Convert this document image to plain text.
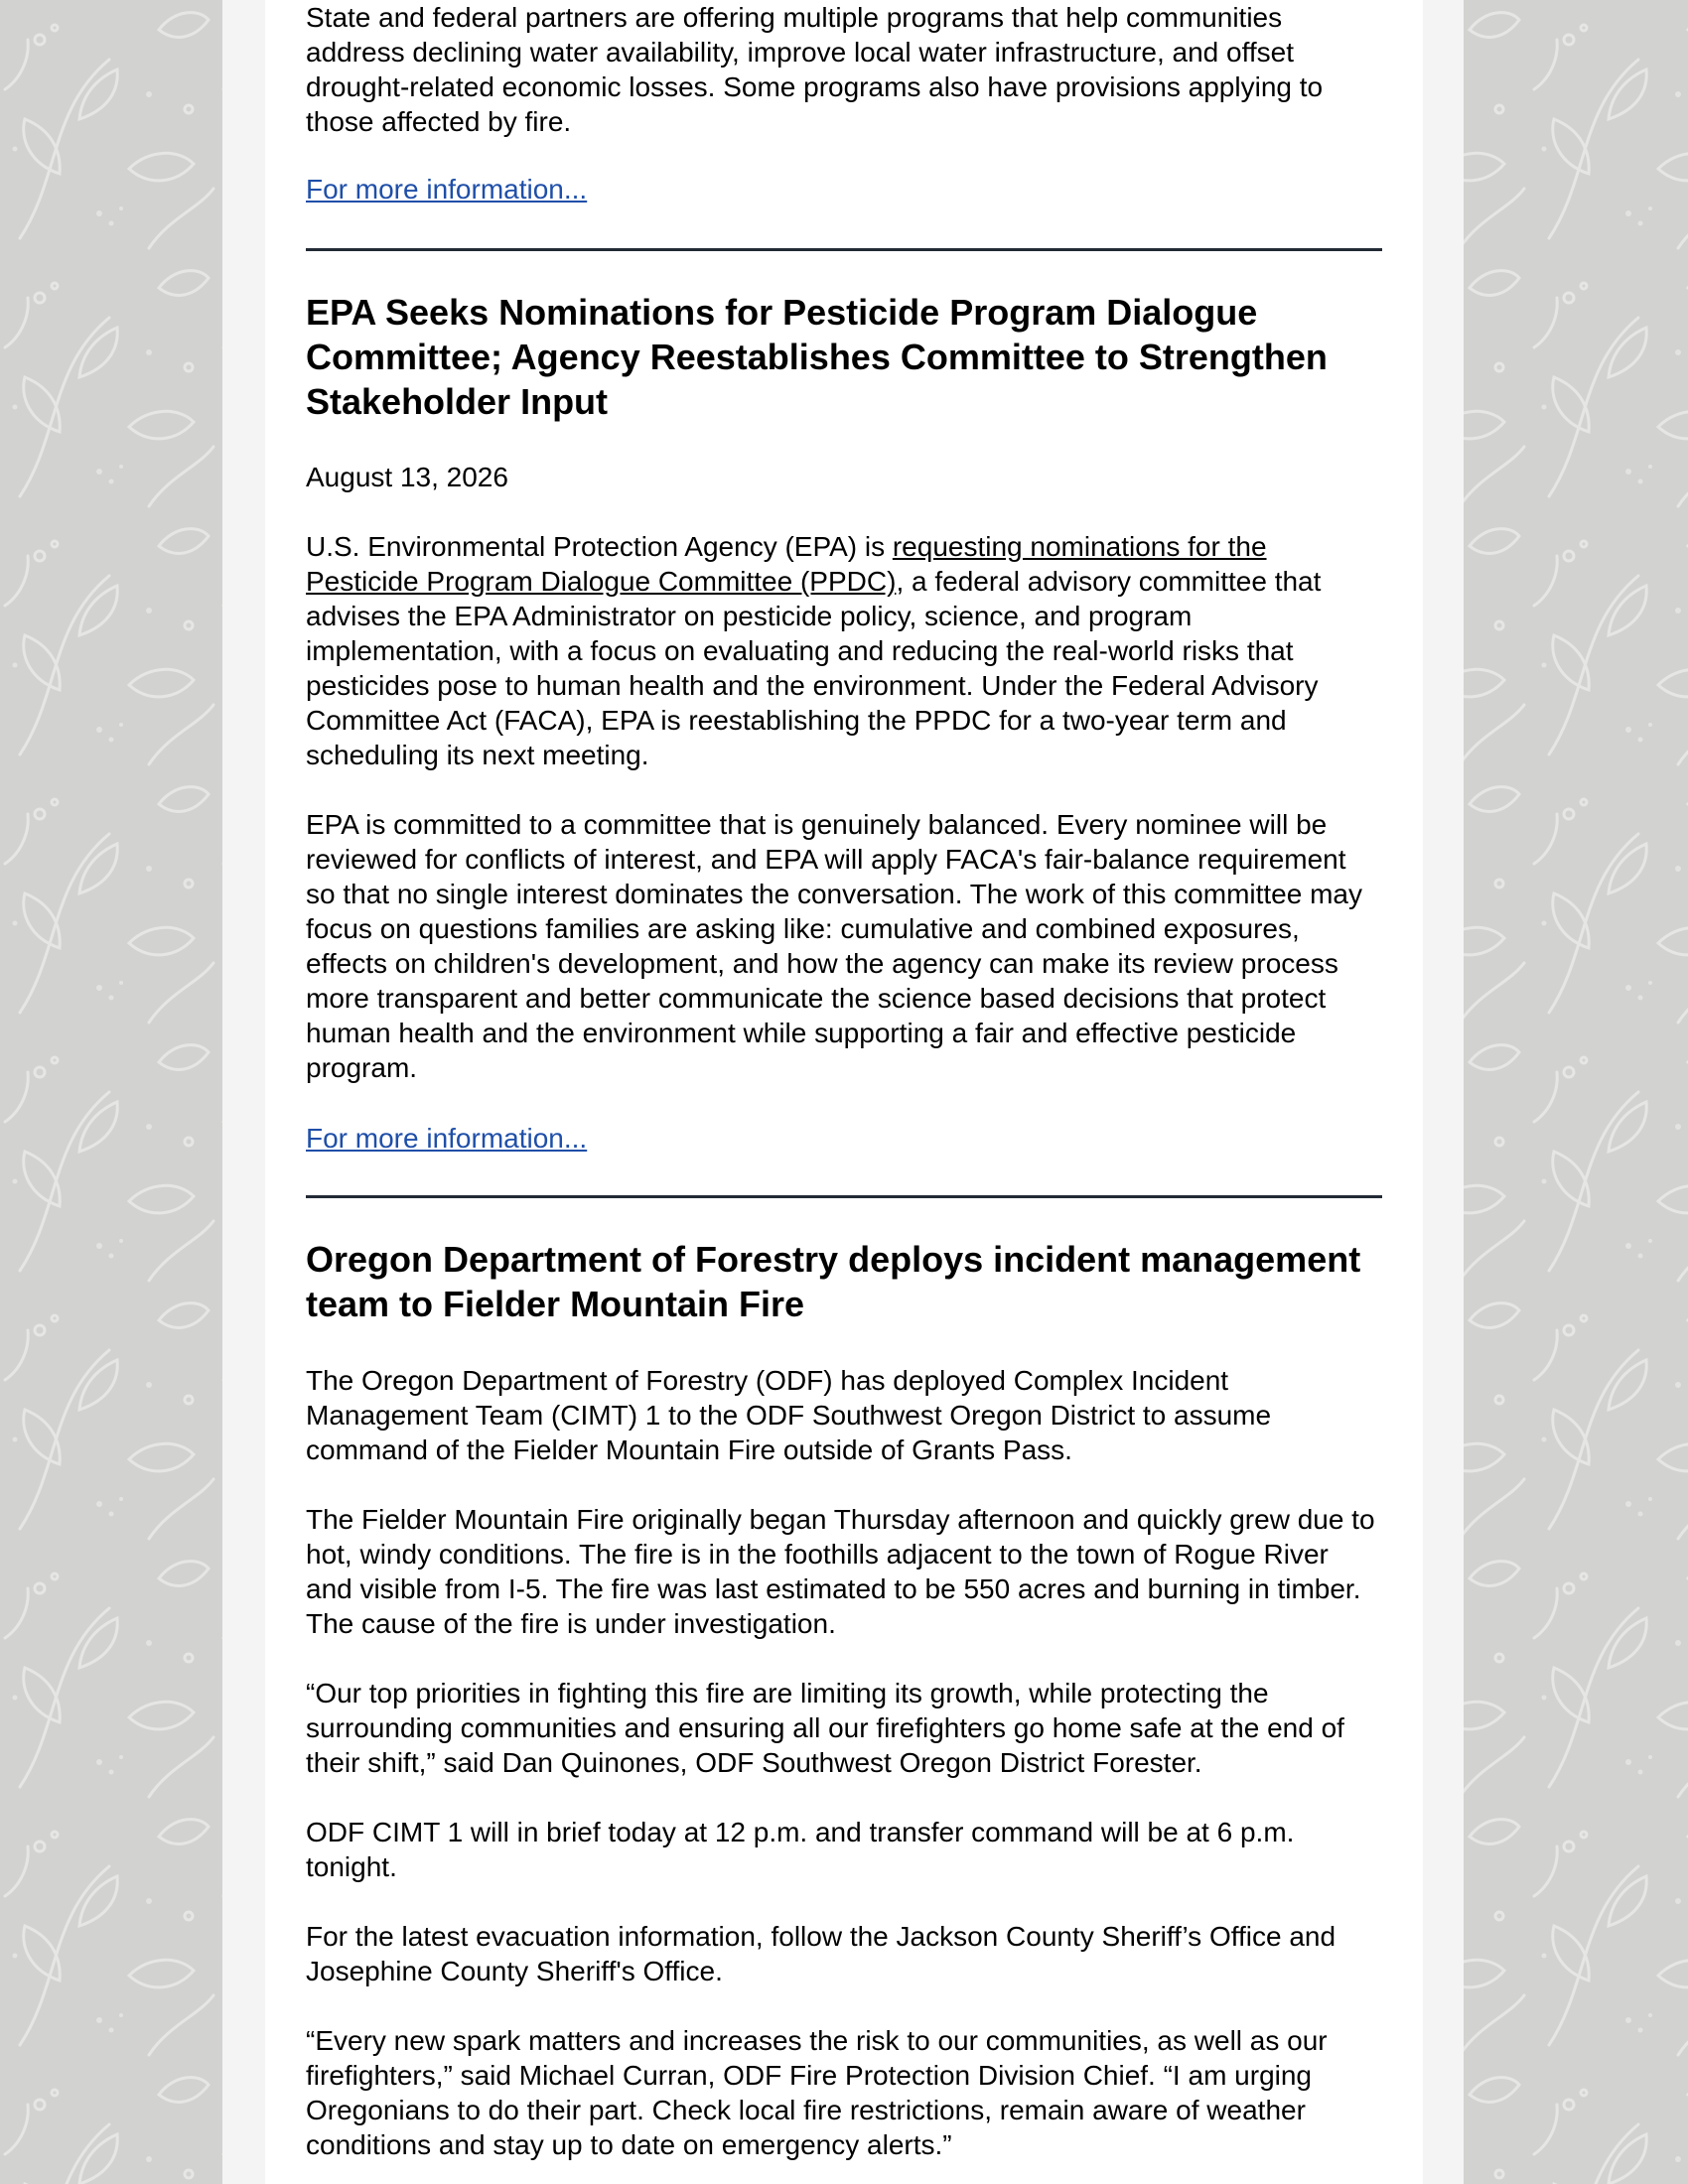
State and federal partners are offering multiple programs that help communities address declining water availability, improve local water infrastructure, and offset drought-related economic losses. Some programs also have provisions applying to those affected by fire.

For more information...
EPA Seeks Nominations for Pesticide Program Dialogue Committee; Agency Reestablishes Committee to Strengthen Stakeholder Input

August 13, 2026

U.S. Environmental Protection Agency (EPA) is requesting nominations for the Pesticide Program Dialogue Committee (PPDC), a federal advisory committee that advises the EPA Administrator on pesticide policy, science, and program implementation, with a focus on evaluating and reducing the real-world risks that pesticides pose to human health and the environment. Under the Federal Advisory Committee Act (FACA), EPA is reestablishing the PPDC for a two-year term and scheduling its next meeting.

EPA is committed to a committee that is genuinely balanced. Every nominee will be reviewed for conflicts of interest, and EPA will apply FACA's fair-balance requirement so that no single interest dominates the conversation. The work of this committee may focus on questions families are asking like: cumulative and combined exposures, effects on children's development, and how the agency can make its review process more transparent and better communicate the science based decisions that protect human health and the environment while supporting a fair and effective pesticide program.

For more information...
Oregon Department of Forestry deploys incident management team to Fielder Mountain Fire

The Oregon Department of Forestry (ODF) has deployed Complex Incident Management Team (CIMT) 1 to the ODF Southwest Oregon District to assume command of the Fielder Mountain Fire outside of Grants Pass.

The Fielder Mountain Fire originally began Thursday afternoon and quickly grew due to hot, windy conditions. The fire is in the foothills adjacent to the town of Rogue River and visible from I-5. The fire was last estimated to be 550 acres and burning in timber. The cause of the fire is under investigation.

“Our top priorities in fighting this fire are limiting its growth, while protecting the surrounding communities and ensuring all our firefighters go home safe at the end of their shift,” said Dan Quinones, ODF Southwest Oregon District Forester.

ODF CIMT 1 will in brief today at 12 p.m. and transfer command will be at 6 p.m. tonight.

For the latest evacuation information, follow the Jackson County Sheriff’s Office and Josephine County Sheriff's Office.

“Every new spark matters and increases the risk to our communities, as well as our firefighters,” said Michael Curran, ODF Fire Protection Division Chief. “I am urging Oregonians to do their part. Check local fire restrictions, remain aware of weather conditions and stay up to date on emergency alerts.”
